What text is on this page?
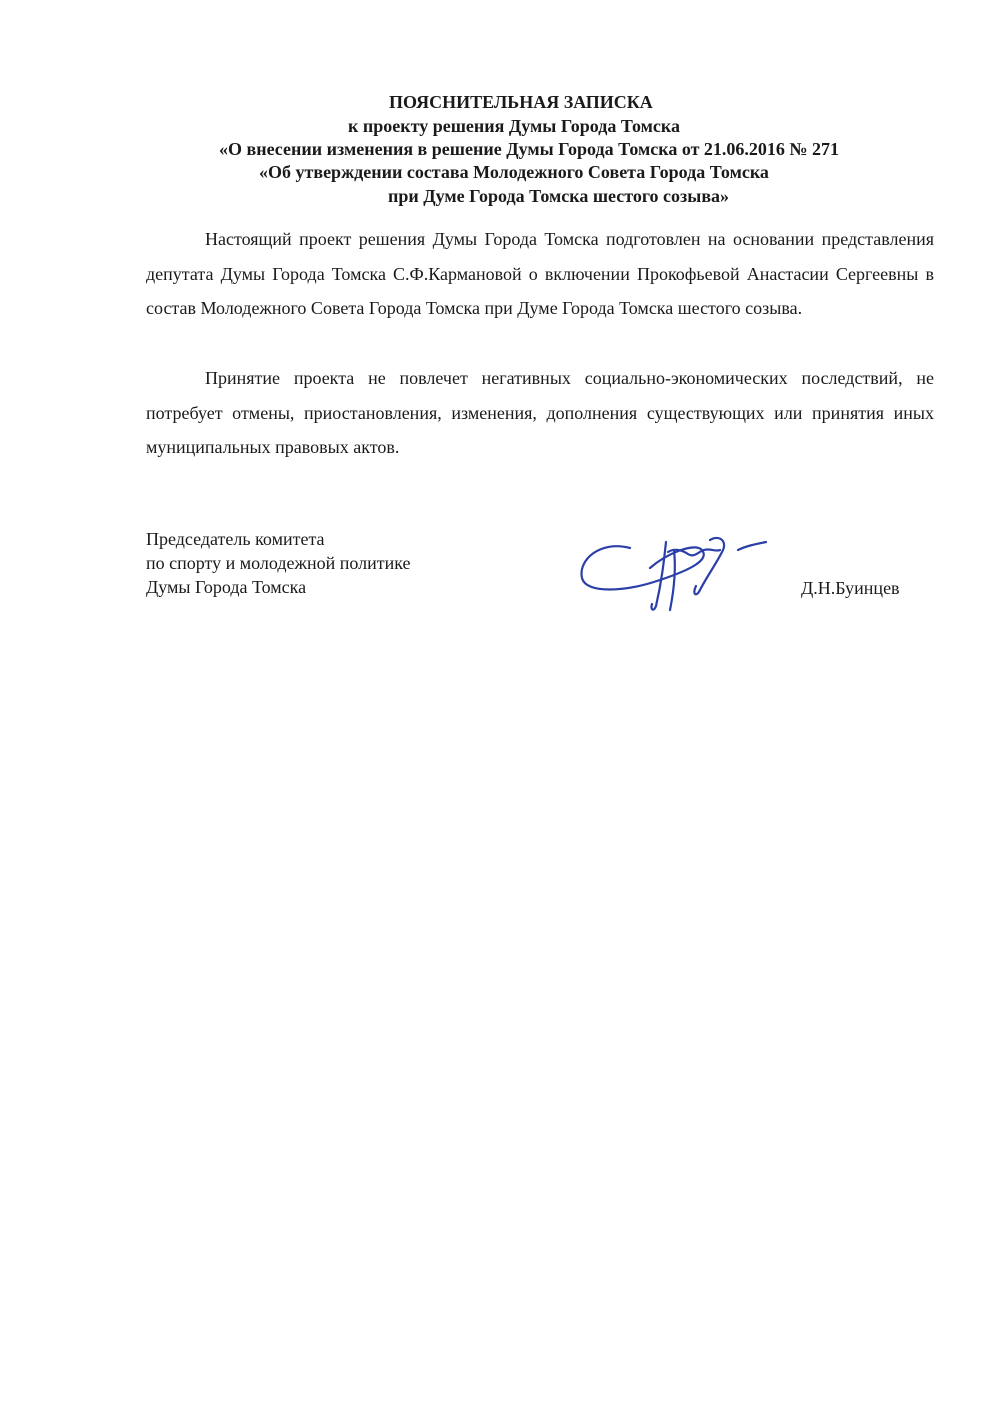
ПОЯСНИТЕЛЬНАЯ ЗАПИСКА
к проекту решения Думы Города Томска
«О внесении изменения в решение Думы Города Томска от 21.06.2016 № 271
«Об утверждении состава Молодежного Совета Города Томска
при Думе Города Томска шестого созыва»

Настоящий проект решения Думы Города Томска подготовлен на основании представления депутата Думы Города Томска С.Ф.Кармановой о включении Прокофьевой Анастасии Сергеевны в состав Молодежного Совета Города Томска при Думе Города Томска шестого созыва.

Принятие проекта не повлечет негативных социально-экономических последствий, не потребует отмены, приостановления, изменения, дополнения существующих или принятия иных муниципальных правовых актов.

Председатель комитета
по спорту и молодежной политике
Думы Города Томска	Д.Н.Буинцев
